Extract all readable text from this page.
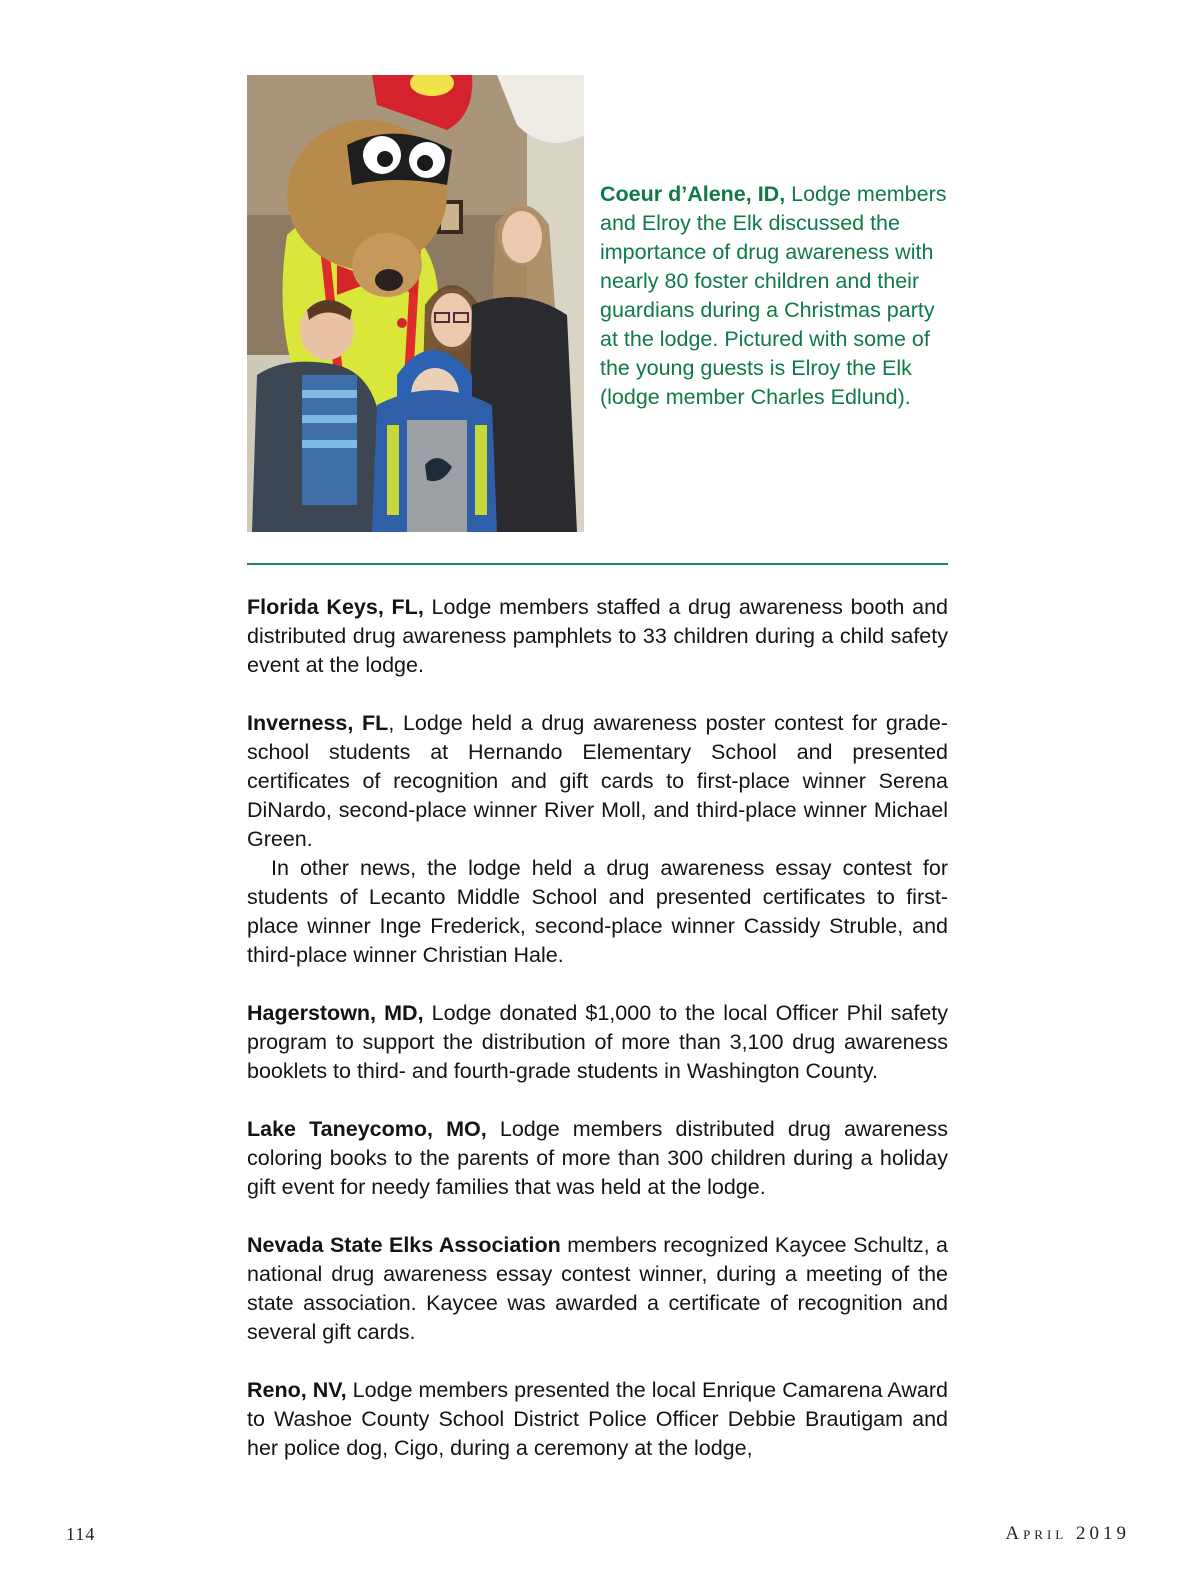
Coeur d’Alene, ID, Lodge members and Elroy the Elk discussed the importance of drug awareness with nearly 80 foster children and their guardians during a Christmas party at the lodge. Pictured with some of the young guests is Elroy the Elk (lodge member Charles Edlund).

Florida Keys, FL, Lodge members staffed a drug awareness booth and distributed drug awareness pamphlets to 33 children during a child safety event at the lodge.

Inverness, FL, Lodge held a drug awareness poster contest for grade-school students at Hernando Elementary School and presented certificates of recognition and gift cards to first-place winner Serena DiNardo, second-place winner River Moll, and third-place winner Michael Green.

In other news, the lodge held a drug awareness essay contest for students of Lecanto Middle School and presented certificates to first-place winner Inge Frederick, second-place winner Cassidy Struble, and third-place winner Christian Hale.

Hagerstown, MD, Lodge donated $1,000 to the local Officer Phil safety program to support the distribution of more than 3,100 drug awareness booklets to third- and fourth-grade students in Washington County.

Lake Taneycomo, MO, Lodge members distributed drug awareness coloring books to the parents of more than 300 children during a holiday gift event for needy families that was held at the lodge.

Nevada State Elks Association members recognized Kaycee Schultz, a national drug awareness essay contest winner, during a meeting of the state association. Kaycee was awarded a certificate of recognition and several gift cards.

Reno, NV, Lodge members presented the local Enrique Camarena Award to Washoe County School District Police Officer Debbie Brautigam and her police dog, Cigo, during a ceremony at the lodge,

114	April 2019
